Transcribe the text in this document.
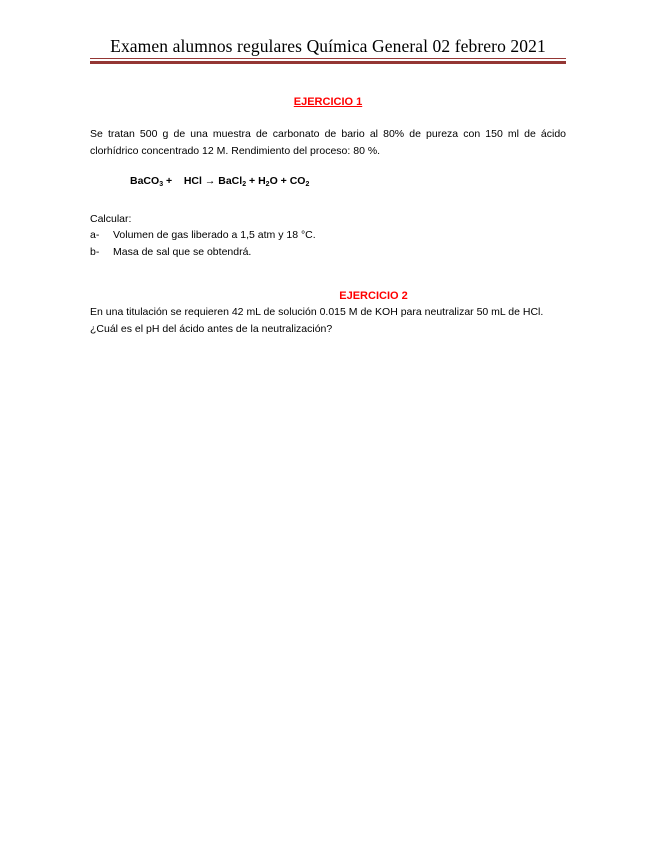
Examen alumnos regulares Química General 02 febrero 2021
EJERCICIO 1
Se tratan 500 g de una muestra de carbonato de bario al 80% de pureza con 150 ml de ácido clorhídrico concentrado 12 M. Rendimiento del proceso: 80 %.
BaCO$_3$ +    HCl → BaCl$_2$ + $H_2O + CO_2$
Calcular:
a-	Volumen de gas liberado a 1,5 atm y 18 °C.
b-	Masa de sal que se obtendrá.
EJERCICIO 2
En una titulación se requieren 42 mL de solución 0.015 M de KOH para neutralizar 50 mL de HCl. ¿Cuál es el pH del ácido antes de la neutralización?
